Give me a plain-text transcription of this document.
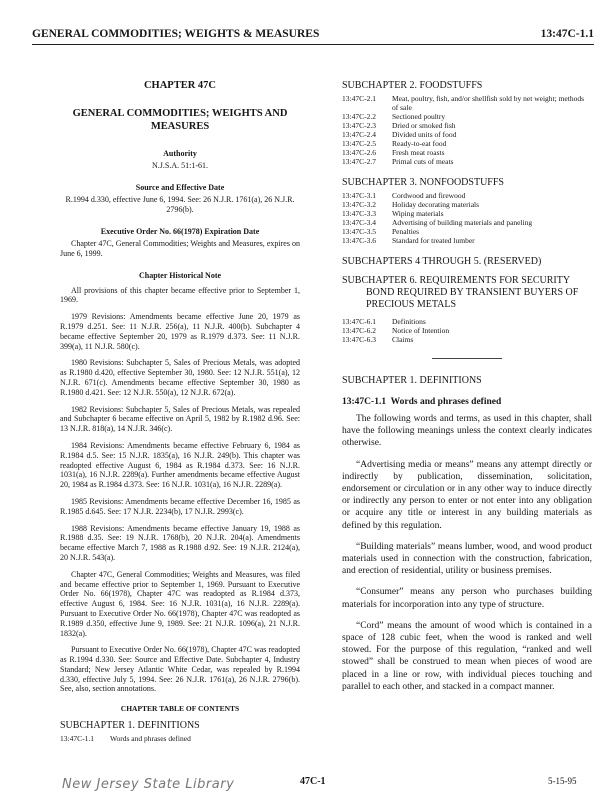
GENERAL COMMODITIES; WEIGHTS & MEASURES	13:47C-1.1
CHAPTER 47C
GENERAL COMMODITIES; WEIGHTS AND MEASURES
Authority
N.J.S.A. 51:1-61.
Source and Effective Date
R.1994 d.330, effective June 6, 1994. See: 26 N.J.R. 1761(a), 26 N.J.R. 2796(b).
Executive Order No. 66(1978) Expiration Date
Chapter 47C, General Commodities; Weights and Measures, expires on June 6, 1999.
Chapter Historical Note
All provisions of this chapter became effective prior to September 1, 1969.
1979 Revisions: Amendments became effective June 20, 1979 as R.1979 d.251. See: 11 N.J.R. 256(a), 11 N.J.R. 400(b). Subchapter 4 became effective September 20, 1979 as R.1979 d.373. See: 11 N.J.R. 399(a), 11 N.J.R. 580(c).
1980 Revisions: Subchapter 5, Sales of Precious Metals, was adopted as R.1980 d.420, effective September 30, 1980. See: 12 N.J.R. 551(a), 12 N.J.R. 671(c). Amendments became effective September 30, 1980 as R.1980 d.421. See: 12 N.J.R. 550(a), 12 N.J.R. 672(a).
1982 Revisions: Subchapter 5, Sales of Precious Metals, was repealed and Subchapter 6 became effective on April 5, 1982 by R.1982 d.96. See: 13 N.J.R. 818(a), 14 N.J.R. 346(c).
1984 Revisions: Amendments became effective February 6, 1984 as R.1984 d.5. See: 15 N.J.R. 1835(a), 16 N.J.R. 249(b). This chapter was readopted effective August 6, 1984 as R.1984 d.373. See: 16 N.J.R. 1031(a), 16 N.J.R. 2289(a). Further amendments became effective August 20, 1984 as R.1984 d.373. See: 16 N.J.R. 1031(a), 16 N.J.R. 2289(a).
1985 Revisions: Amendments became effective December 16, 1985 as R.1985 d.645. See: 17 N.J.R. 2234(b), 17 N.J.R. 2993(c).
1988 Revisions: Amendments became effective January 19, 1988 as R.1988 d.35. See: 19 N.J.R. 1768(b), 20 N.J.R. 204(a). Amendments became effective March 7, 1988 as R.1988 d.92. See: 19 N.J.R. 2124(a), 20 N.J.R. 543(a).
Chapter 47C, General Commodities; Weights and Measures, was filed and became effective prior to September 1, 1969. Pursuant to Executive Order No. 66(1978), Chapter 47C was readopted as R.1984 d.373, effective August 6, 1984. See: 16 N.J.R. 1031(a), 16 N.J.R. 2289(a). Pursuant to Executive Order No. 66(1978), Chapter 47C was readopted as R.1989 d.350, effective June 9, 1989. See: 21 N.J.R. 1096(a), 21 N.J.R. 1832(a).
Pursuant to Executive Order No. 66(1978), Chapter 47C was readopted as R.1994 d.330. See: Source and Effective Date. Subchapter 4, Industry Standard; New Jersey Atlantic White Cedar, was repealed by R.1994 d.330, effective July 5, 1994. See: 26 N.J.R. 1761(a), 26 N.J.R. 2796(b). See, also, section annotations.
CHAPTER TABLE OF CONTENTS
SUBCHAPTER 1. DEFINITIONS
13:47C-1.1	Words and phrases defined
SUBCHAPTER 2. FOODSTUFFS
13:47C-2.1	Meat, poultry, fish, and/or shellfish sold by net weight; methods of sale
13:47C-2.2	Sectioned poultry
13:47C-2.3	Dried or smoked fish
13:47C-2.4	Divided units of food
13:47C-2.5	Ready-to-eat food
13:47C-2.6	Fresh meat roasts
13:47C-2.7	Primal cuts of meats
SUBCHAPTER 3. NONFOODSTUFFS
13:47C-3.1	Cordwood and firewood
13:47C-3.2	Holiday decorating materials
13:47C-3.3	Wiping materials
13:47C-3.4	Advertising of building materials and paneling
13:47C-3.5	Penalties
13:47C-3.6	Standard for treated lumber
SUBCHAPTERS 4 THROUGH 5. (RESERVED)
SUBCHAPTER 6. REQUIREMENTS FOR SECURITY BOND REQUIRED BY TRANSIENT BUYERS OF PRECIOUS METALS
13:47C-6.1	Definitions
13:47C-6.2	Notice of Intention
13:47C-6.3	Claims
SUBCHAPTER 1. DEFINITIONS
13:47C-1.1 Words and phrases defined
The following words and terms, as used in this chapter, shall have the following meanings unless the context clearly indicates otherwise.
“Advertising media or means” means any attempt directly or indirectly by publication, dissemination, solicitation, endorsement or circulation or in any other way to induce directly or indirectly any person to enter or not enter into any obligation or acquire any title or interest in any building materials as defined by this regulation.
“Building materials” means lumber, wood, and wood product materials used in connection with the construction, fabrication, and erection of residential, utility or business premises.
“Consumer” means any person who purchases building materials for incorporation into any type of structure.
“Cord” means the amount of wood which is contained in a space of 128 cubic feet, when the wood is ranked and well stowed. For the purpose of this regulation, “ranked and well stowed” shall be construed to mean when pieces of wood are placed in a line or row, with individual pieces touching and parallel to each other, and stacked in a compact manner.
New Jersey State Library	47C-1	5-15-95
